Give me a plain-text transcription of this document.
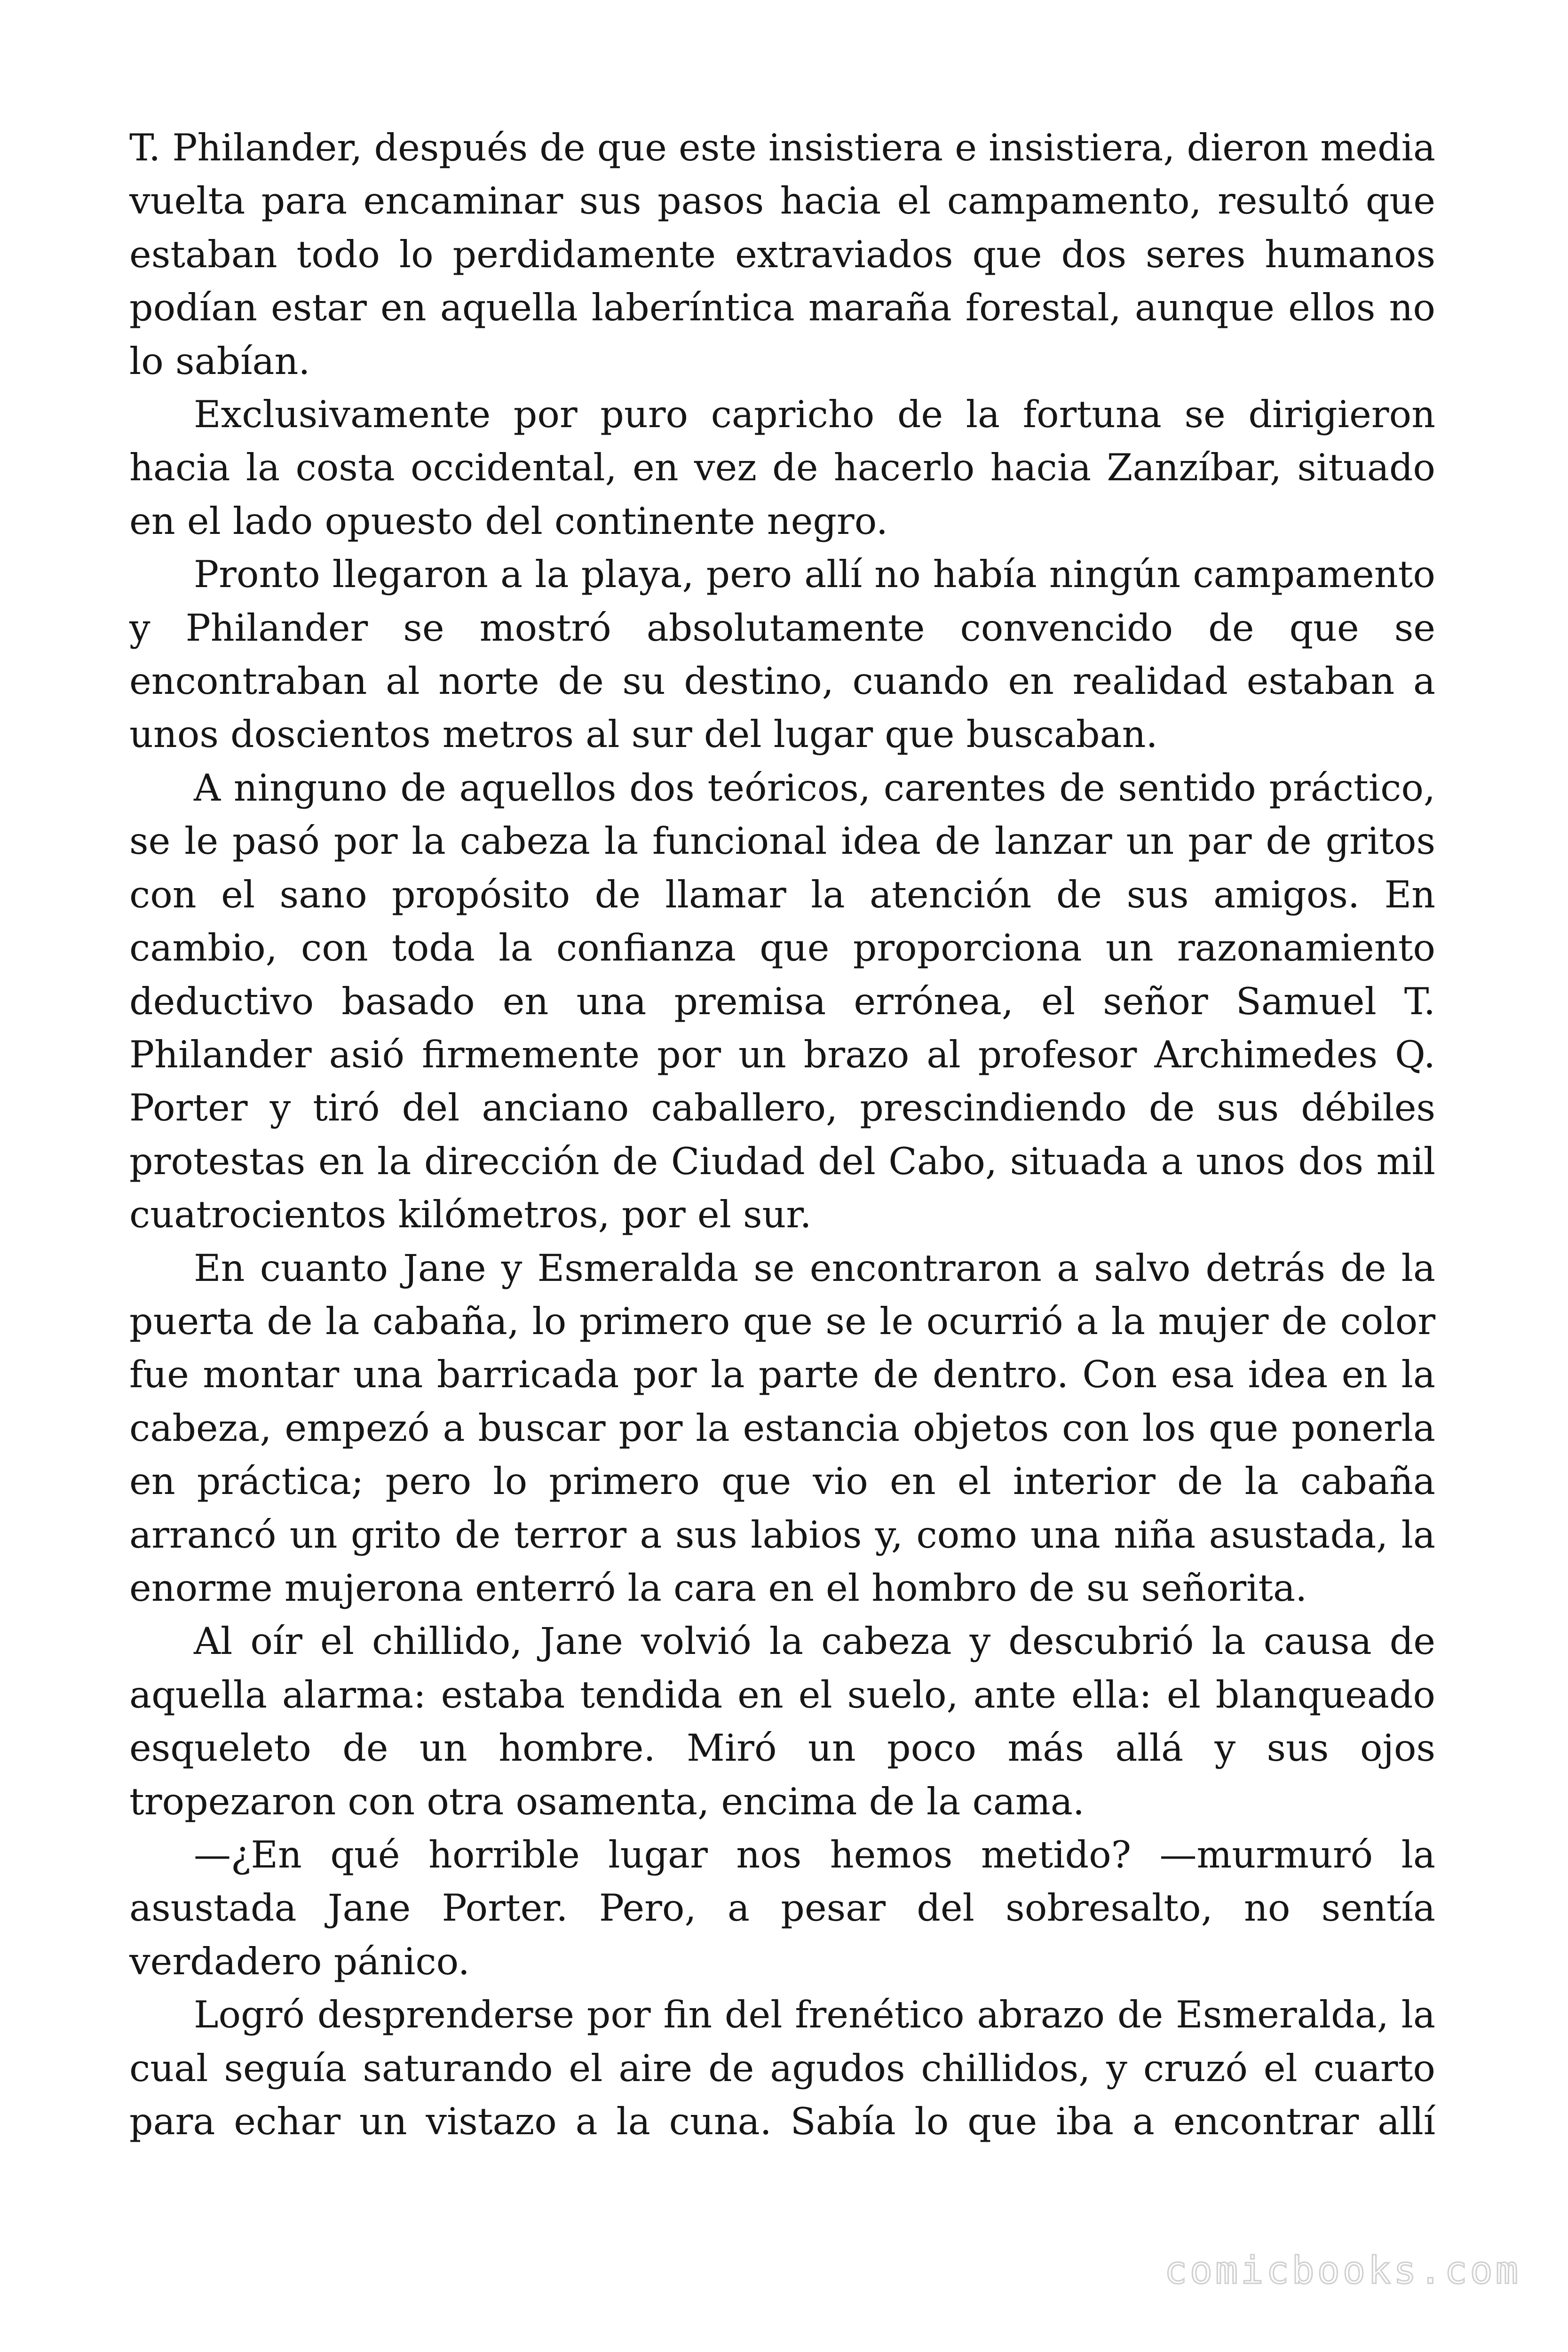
T. Philander, después de que este insistiera e insistiera, dieron media vuelta para encaminar sus pasos hacia el campamento, resultó que estaban todo lo perdidamente extraviados que dos seres humanos podían estar en aquella laberíntica maraña forestal, aunque ellos no lo sabían.

Exclusivamente por puro capricho de la fortuna se dirigieron hacia la costa occidental, en vez de hacerlo hacia Zanzíbar, situado en el lado opuesto del continente negro.

Pronto llegaron a la playa, pero allí no había ningún campamento y Philander se mostró absolutamente convencido de que se encontraban al norte de su destino, cuando en realidad estaban a unos doscientos metros al sur del lugar que buscaban.

A ninguno de aquellos dos teóricos, carentes de sentido práctico, se le pasó por la cabeza la funcional idea de lanzar un par de gritos con el sano propósito de llamar la atención de sus amigos. En cambio, con toda la confianza que proporciona un razonamiento deductivo basado en una premisa errónea, el señor Samuel T. Philander asió firmemente por un brazo al profesor Archimedes Q. Porter y tiró del anciano caballero, prescindiendo de sus débiles protestas en la dirección de Ciudad del Cabo, situada a unos dos mil cuatrocientos kilómetros, por el sur.

En cuanto Jane y Esmeralda se encontraron a salvo detrás de la puerta de la cabaña, lo primero que se le ocurrió a la mujer de color fue montar una barricada por la parte de dentro. Con esa idea en la cabeza, empezó a buscar por la estancia objetos con los que ponerla en práctica; pero lo primero que vio en el interior de la cabaña arrancó un grito de terror a sus labios y, como una niña asustada, la enorme mujerona enterró la cara en el hombro de su señorita.

Al oír el chillido, Jane volvió la cabeza y descubrió la causa de aquella alarma: estaba tendida en el suelo, ante ella: el blanqueado esqueleto de un hombre. Miró un poco más allá y sus ojos tropezaron con otra osamenta, encima de la cama.

—¿En qué horrible lugar nos hemos metido? —murmuró la asustada Jane Porter. Pero, a pesar del sobresalto, no sentía verdadero pánico.

Logró desprenderse por fin del frenético abrazo de Esmeralda, la cual seguía saturando el aire de agudos chillidos, y cruzó el cuarto para echar un vistazo a la cuna. Sabía lo que iba a encontrar allí

comicbooks.com
